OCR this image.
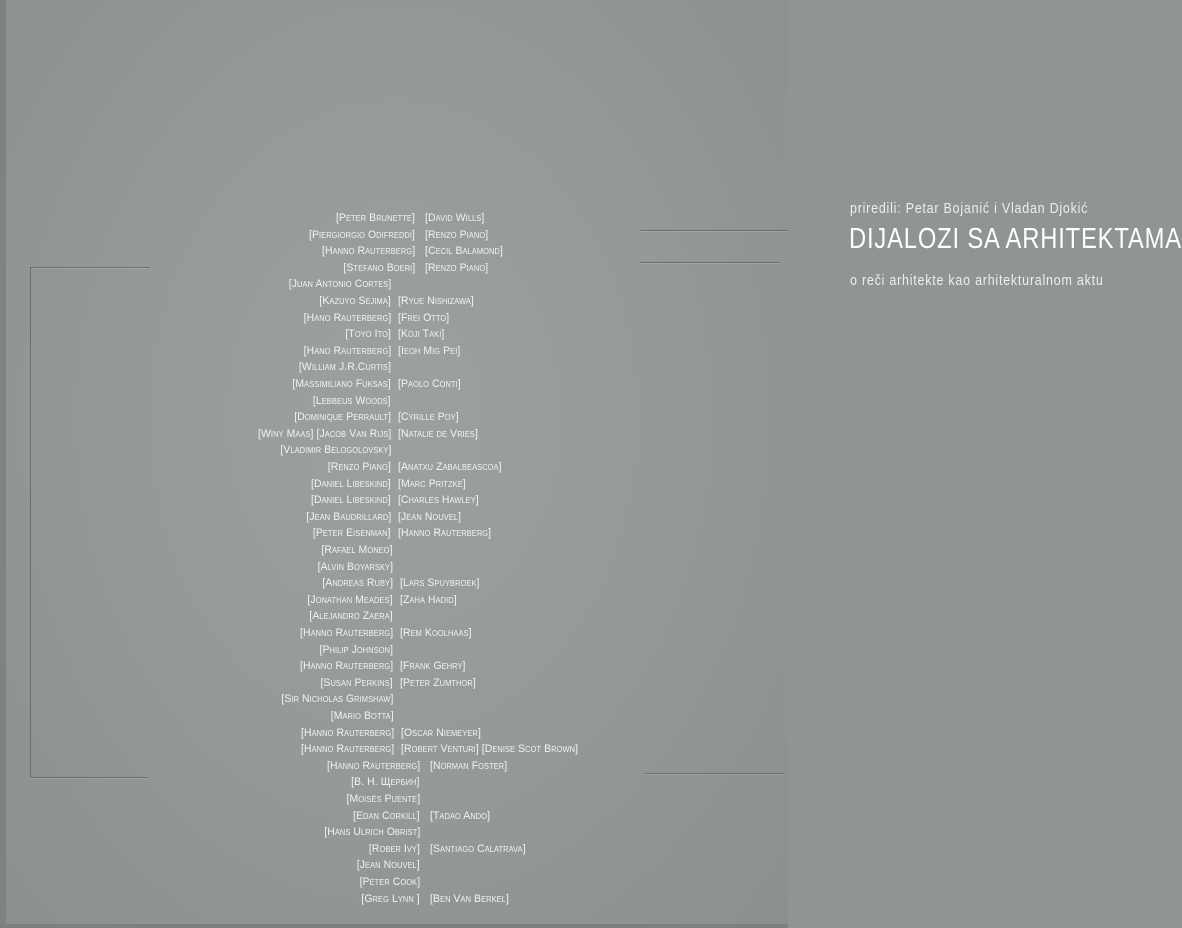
priredili: Petar Bojanić i Vladan Djokić
DIJALOZI SA ARHITEKTAMA
o reči arhitekte kao arhitekturalnom aktu
[Peter Brunette] [David Wills]
[Piergiorgio Odifreddi] [Renzo Piano]
[Hanno Rauterberg] [Cecil Balamond]
[Stefano Boeri] [Renzo Piano]
[Juan Antonio Cortes]
[Kazuyo Sejima] [Ryue Nishizawa]
[Hano Rauterberg] [Frei Otto]
[Toyo Ito] [Koji Taki]
[Hano Rauterberg] [Ieoh Mig Pei]
[William J.R.Curtis]
[Massimiliano Fuksas] [Paolo Conti]
[Lebbeus Woods]
[Dominique Perrault] [Cyrille Poy]
[Winy Maas] [Jacob Van Rijs] [Natalie de Vries]
[Vladimir Belogolovsky]
[Renzo Piano] [Anatxu Zabalbeascoa]
[Daniel Libeskind] [Marc Pritzke]
[Daniel Libeskind] [Charles Hawley]
[Jean Baudrillard] [Jean Nouvel]
[Peter Eisenman] [Hanno Rauterberg]
[Rafael Moneo]
[Alvin Boyarsky]
[Andreas Ruby] [Lars Spuybroek]
[Jonathan Meades] [Zaha Hadid]
[Alejandro Zaera]
[Hanno Rauterberg] [Rem Koolhaas]
[Philip Johnson]
[Hanno Rauterberg] [Frank Gehry]
[Susan Perkins] [Peter Zumthor]
[Sir Nicholas Grimshaw]
[Mario Botta]
[Hanno Rauterberg] [Oscar Niemeyer]
[Hanno Rauterberg] [Robert Venturi] [Denise Scot Brown]
[Hanno Rauterberg] [Norman Foster]
[В. Н. Щербин]
[Moisés Puente]
[Edan Corkill] [Tadao Ando]
[Hans Ulrich Obrist]
[Rober Ivy] [Santiago Calatrava]
[Jean Nouvel]
[Peter Cook]
[Greg Lynn ] [Ben Van Berkel]
